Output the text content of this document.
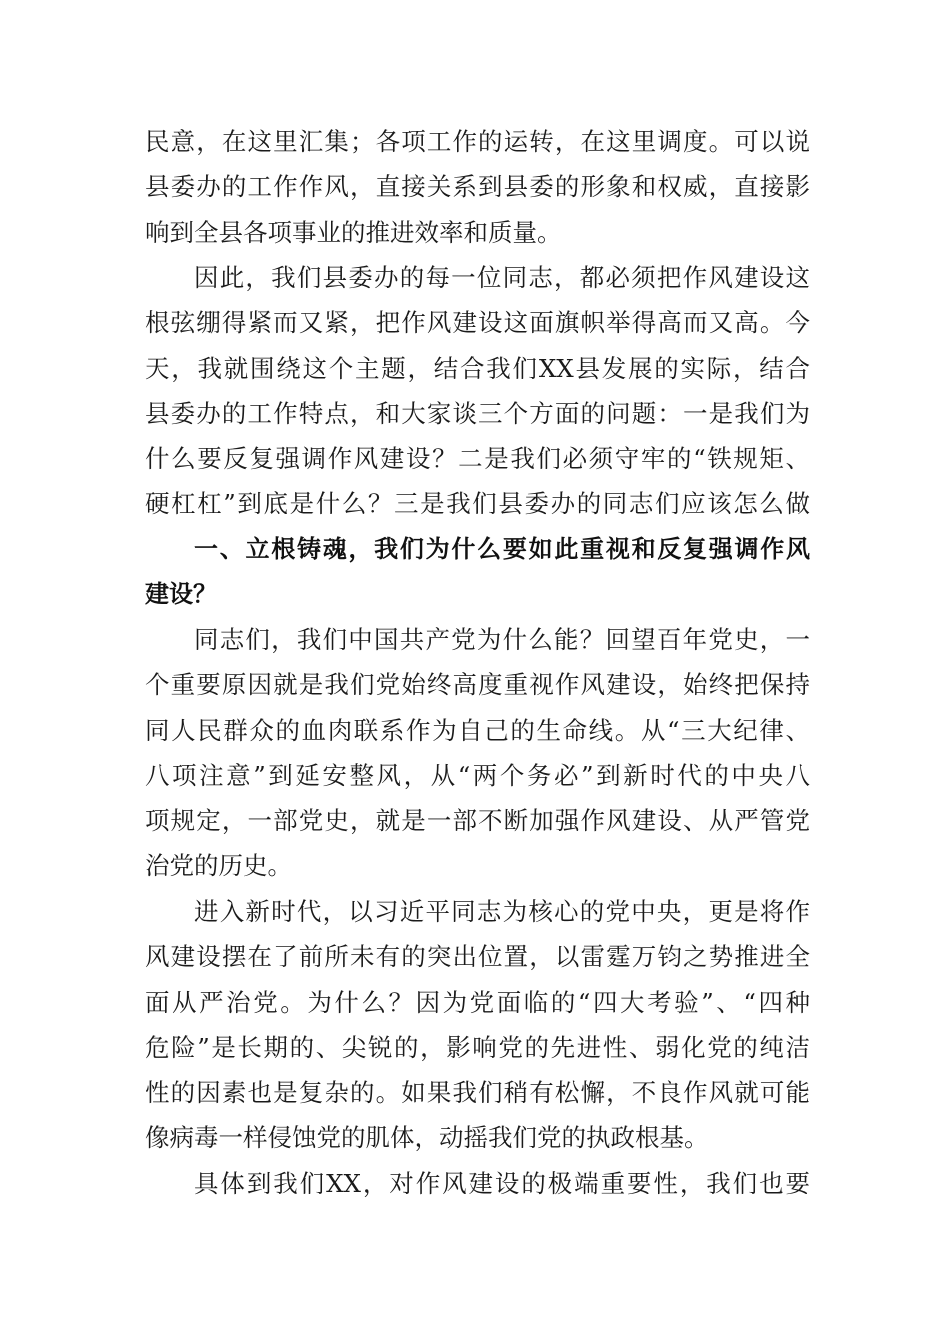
民意，在这里汇集；各项工作的运转，在这里调度。可以说
县委办的工作作风，直接关系到县委的形象和权威，直接影
响到全县各项事业的推进效率和质量。
因此，我们县委办的每一位同志，都必须把作风建设这
根弦绷得紧而又紧，把作风建设这面旗帜举得高而又高。今
天，我就围绕这个主题，结合我们XX县发展的实际，结合
县委办的工作特点，和大家谈三个方面的问题：一是我们为
什么要反复强调作风建设？二是我们必须守牢的“铁规矩、
硬杠杠”到底是什么？三是我们县委办的同志们应该怎么做
一、立根铸魂，我们为什么要如此重视和反复强调作风
建设？
同志们，我们中国共产党为什么能？回望百年党史，一
个重要原因就是我们党始终高度重视作风建设，始终把保持
同人民群众的血肉联系作为自己的生命线。从“三大纪律、
八项注意”到延安整风，从“两个务必”到新时代的中央八
项规定，一部党史，就是一部不断加强作风建设、从严管党
治党的历史。
进入新时代，以习近平同志为核心的党中央，更是将作
风建设摆在了前所未有的突出位置，以雷霆万钧之势推进全
面从严治党。为什么？因为党面临的“四大考验”、“四种
危险”是长期的、尖锐的，影响党的先进性、弱化党的纯洁
性的因素也是复杂的。如果我们稍有松懈，不良作风就可能
像病毒一样侵蚀党的肌体，动摇我们党的执政根基。
具体到我们XX，对作风建设的极端重要性，我们也要
